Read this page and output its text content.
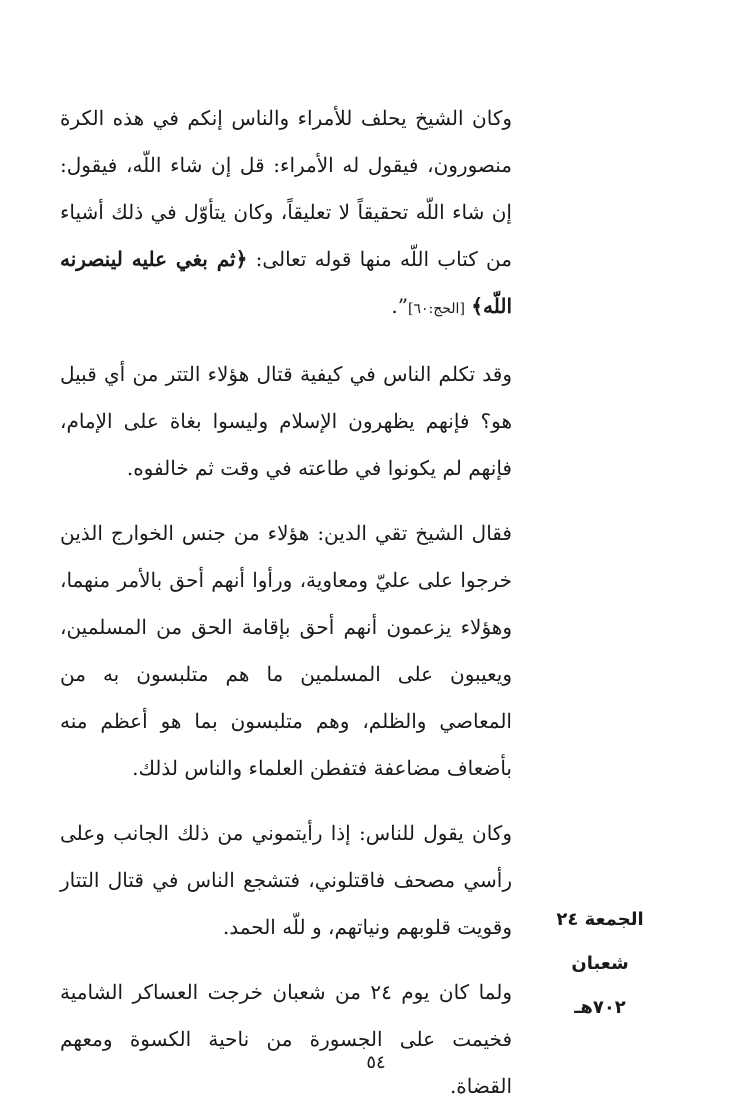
وكان الشيخ يحلف للأمراء والناس إنكم في هذه الكرة منصورون، فيقول له الأمراء: قل إن شاء اللّه، فيقول: إن شاء اللّه تحقيقاً لا تعليقاً، وكان يتأوّل في ذلك أشياء من كتاب اللّه منها قوله تعالى: ﴿ثم بغي عليه لينصرنه اللّه﴾ [الحج:٦٠]”.

وقد تكلم الناس في كيفية قتال هؤلاء التتر من أي قبيل هو؟ فإنهم يظهرون الإسلام وليسوا بغاة على الإمام، فإنهم لم يكونوا في طاعته في وقت ثم خالفوه.

فقال الشيخ تقي الدين: هؤلاء من جنس الخوارج الذين خرجوا على عليّ ومعاوية، ورأوا أنهم أحق بالأمر منهما، وهؤلاء يزعمون أنهم أحق بإقامة الحق من المسلمين، ويعيبون على المسلمين ما هم متلبسون به من المعاصي والظلم، وهم متلبسون بما هو أعظم منه بأضعاف مضاعفة فتفطن العلماء والناس لذلك.

وكان يقول للناس: إذا رأيتموني من ذلك الجانب وعلى رأسي مصحف فاقتلوني، فتشجع الناس في قتال التتار وقويت قلوبهم ونياتهم، و للّه الحمد.

ولما كان يوم ٢٤ من شعبان خرجت العساكر الشامية فخيمت على الجسورة من ناحية الكسوة ومعهم القضاة.

الجمعة ٢٤ شعبان
٧٠٢هـ
٥٤
